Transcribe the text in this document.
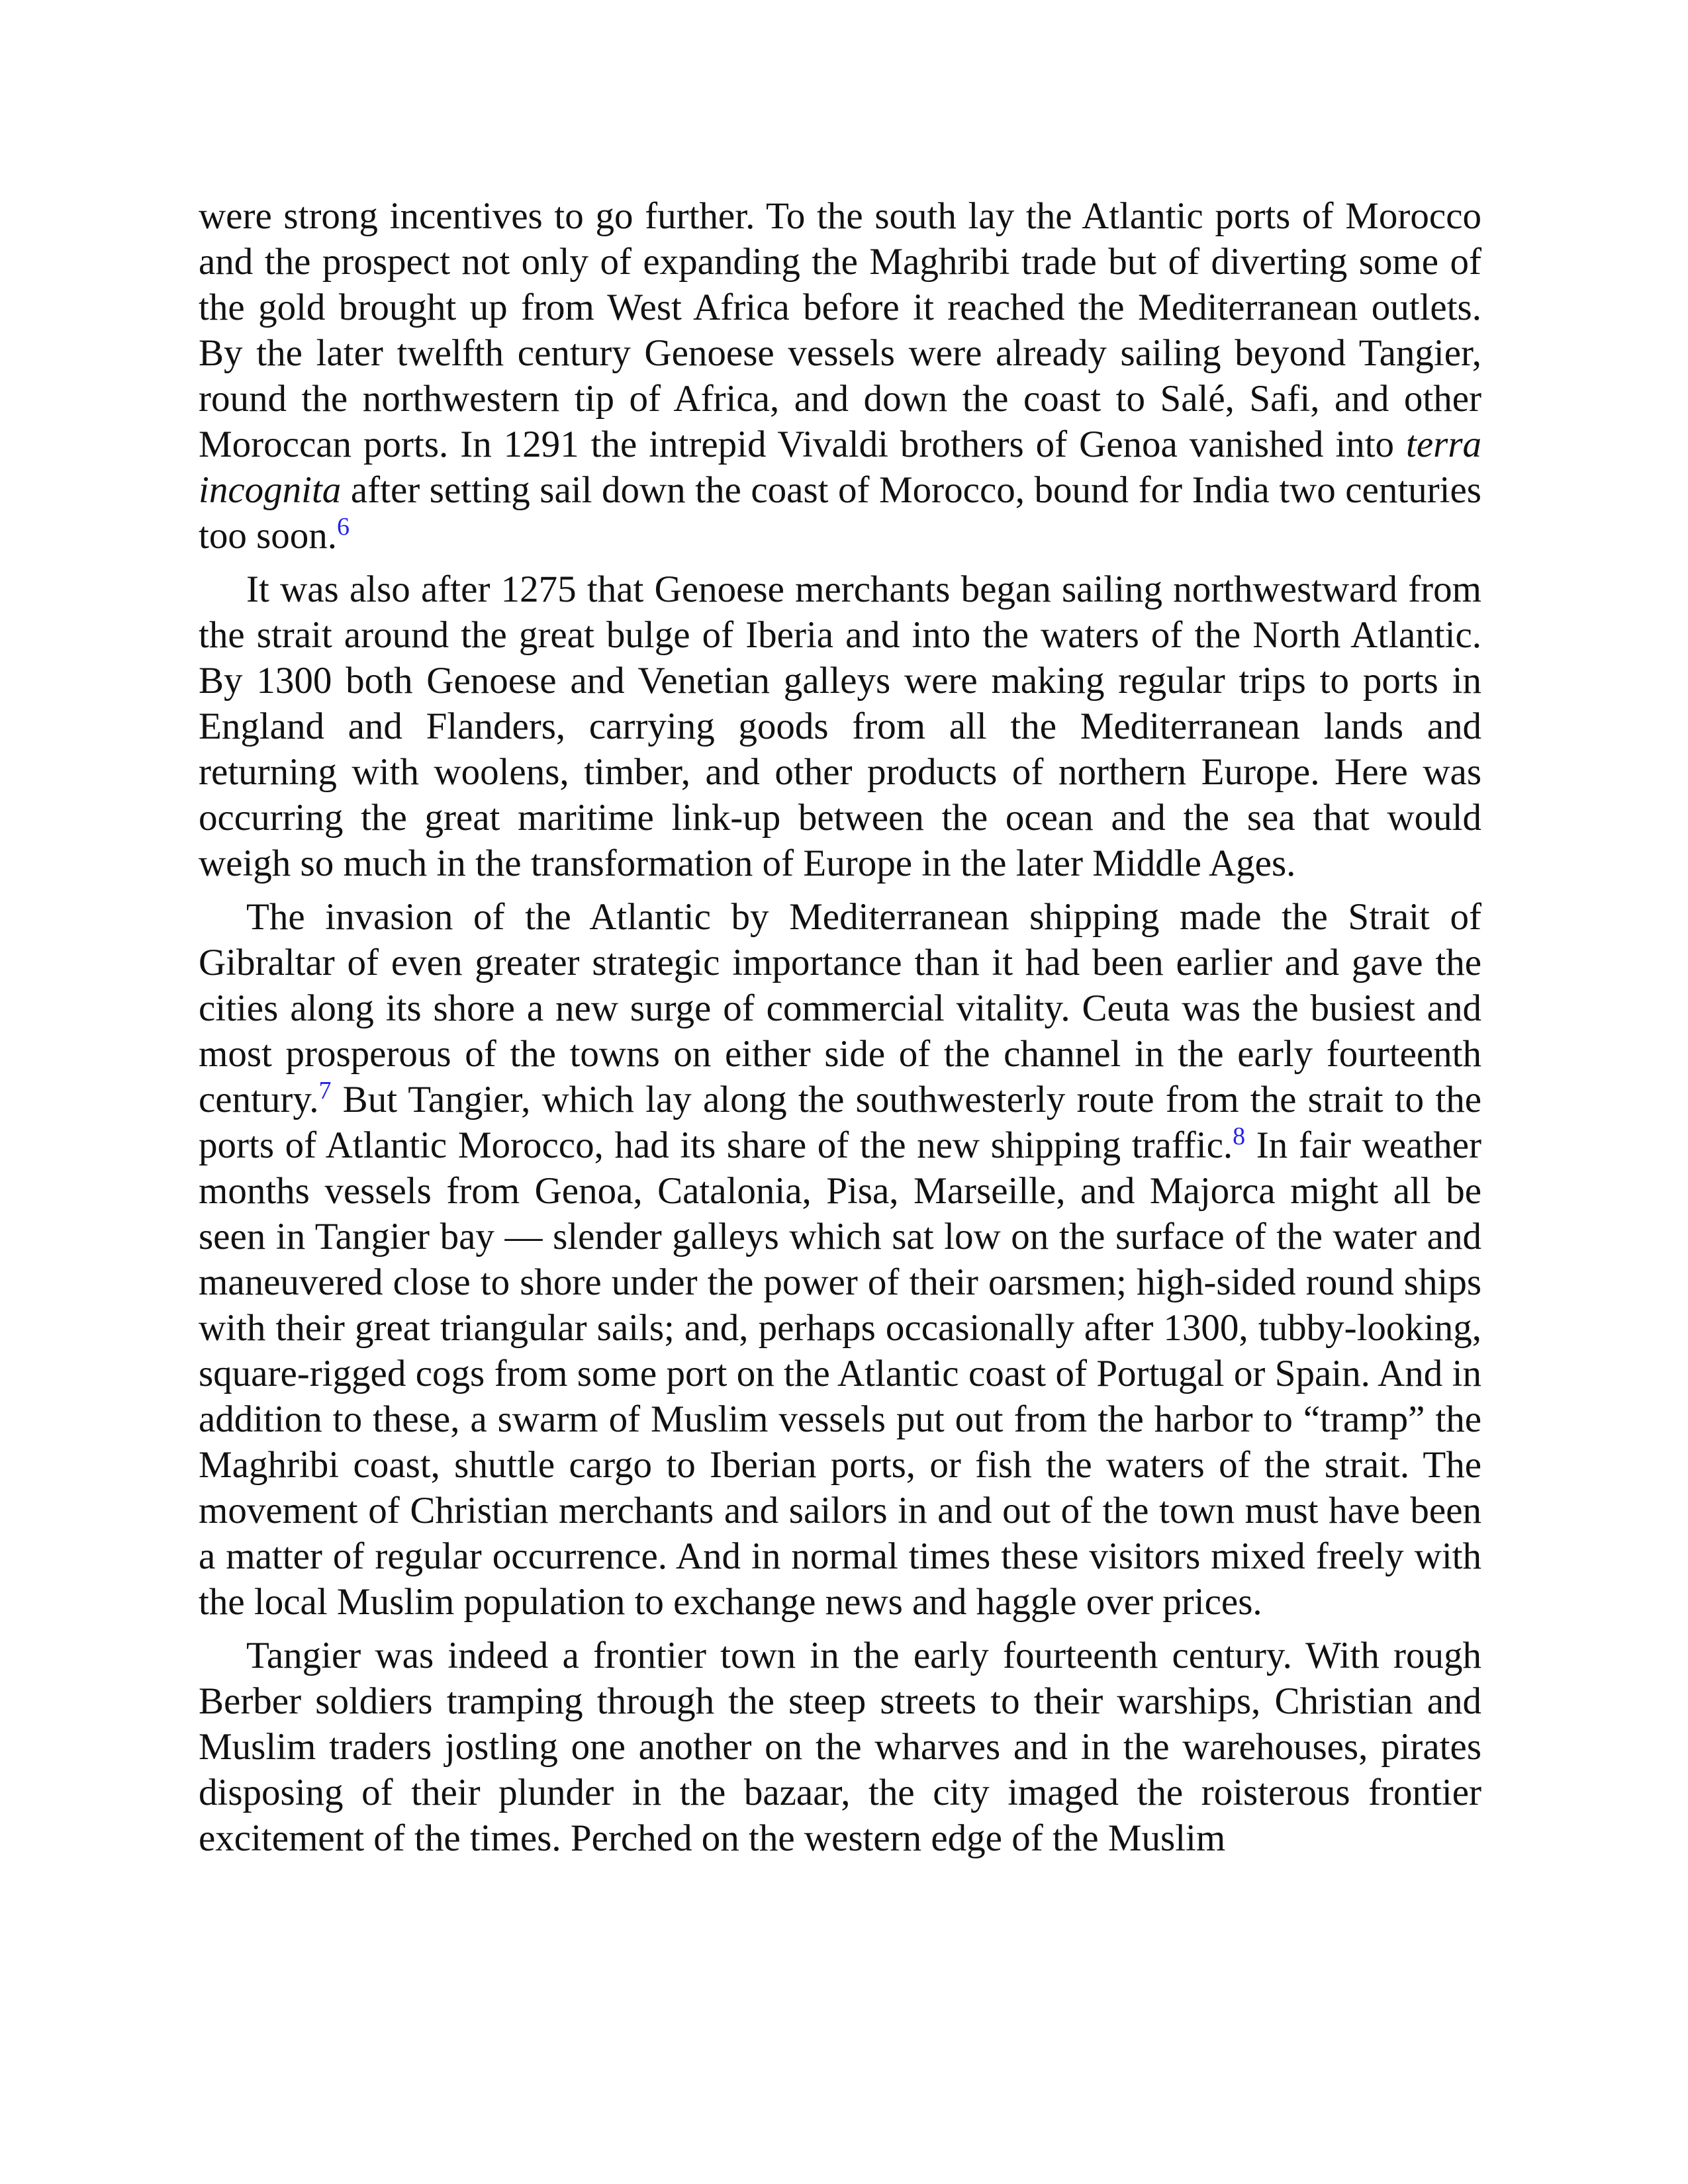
were strong incentives to go further. To the south lay the Atlantic ports of Morocco and the prospect not only of expanding the Maghribi trade but of diverting some of the gold brought up from West Africa before it reached the Mediterranean outlets. By the later twelfth century Genoese vessels were already sailing beyond Tangier, round the northwestern tip of Africa, and down the coast to Salé, Safi, and other Moroccan ports. In 1291 the intrepid Vivaldi brothers of Genoa vanished into terra incognita after setting sail down the coast of Morocco, bound for India two centuries too soon.$^6$

It was also after 1275 that Genoese merchants began sailing northwestward from the strait around the great bulge of Iberia and into the waters of the North Atlantic. By 1300 both Genoese and Venetian galleys were making regular trips to ports in England and Flanders, carrying goods from all the Mediterranean lands and returning with woolens, timber, and other products of northern Europe. Here was occurring the great maritime link-up between the ocean and the sea that would weigh so much in the transformation of Europe in the later Middle Ages.

The invasion of the Atlantic by Mediterranean shipping made the Strait of Gibraltar of even greater strategic importance than it had been earlier and gave the cities along its shore a new surge of commercial vitality. Ceuta was the busiest and most prosperous of the towns on either side of the channel in the early fourteenth century.$^7$ But Tangier, which lay along the southwesterly route from the strait to the ports of Atlantic Morocco, had its share of the new shipping traffic.$^8$ In fair weather months vessels from Genoa, Catalonia, Pisa, Marseille, and Majorca might all be seen in Tangier bay — slender galleys which sat low on the surface of the water and maneuvered close to shore under the power of their oarsmen; high-sided round ships with their great triangular sails; and, perhaps occasionally after 1300, tubby-looking, square-rigged cogs from some port on the Atlantic coast of Portugal or Spain. And in addition to these, a swarm of Muslim vessels put out from the harbor to “tramp” the Maghribi coast, shuttle cargo to Iberian ports, or fish the waters of the strait. The movement of Christian merchants and sailors in and out of the town must have been a matter of regular occurrence. And in normal times these visitors mixed freely with the local Muslim population to exchange news and haggle over prices.

Tangier was indeed a frontier town in the early fourteenth century. With rough Berber soldiers tramping through the steep streets to their warships, Christian and Muslim traders jostling one another on the wharves and in the warehouses, pirates disposing of their plunder in the bazaar, the city imaged the roisterous frontier excitement of the times. Perched on the western edge of the Muslim
